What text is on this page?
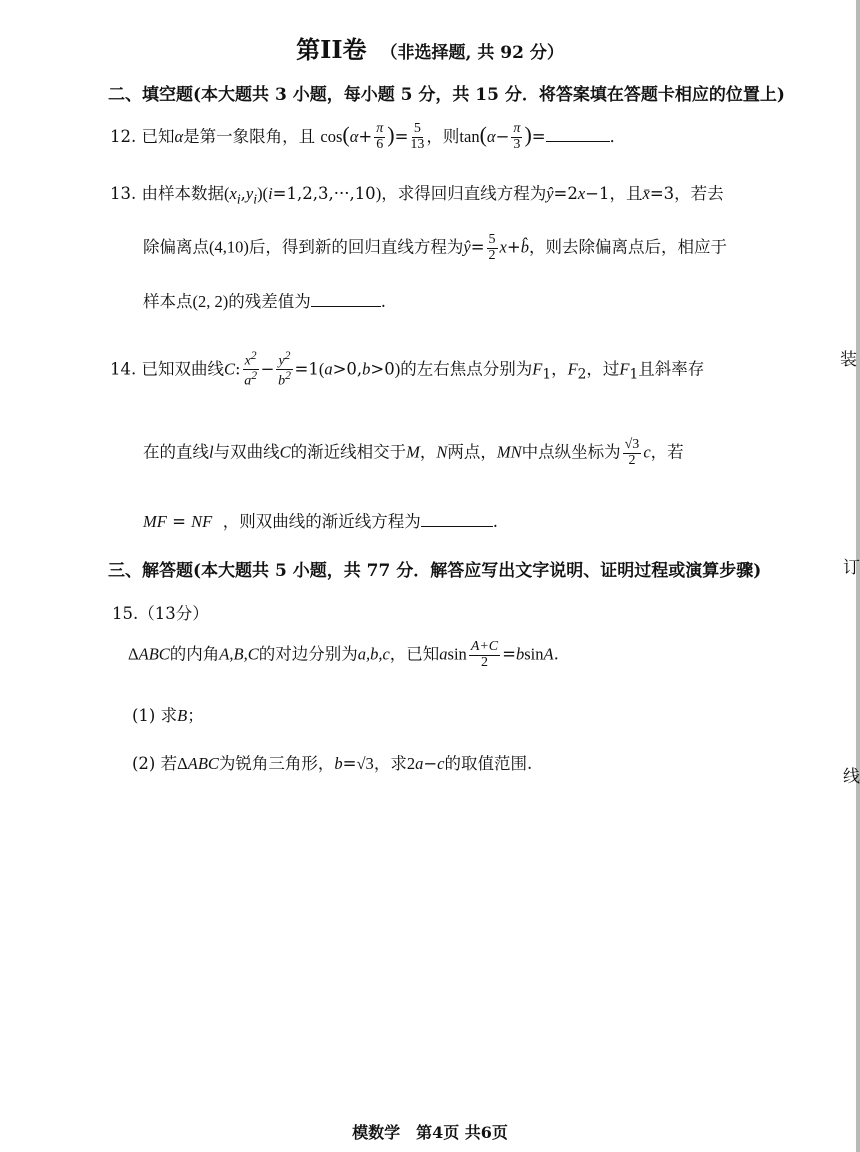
第II卷 （非选择题, 共 92 分）
二、填空题(本大题共 3 小题，每小题 5 分，共 15 分．将答案填在答题卡相应的位置上)
12. 已知α是第一象限角，且 $\cos(\alpha+ \frac{\pi}{6}$ )= $\frac{5}{13}$ ，则$\tan(\alpha- \frac{\pi}{3}$ )=	．
13. 由样本数据$(x_i,y_i)(i=1,2,3,\cdot\cdot\cdot,10)$，求得回归直线方程为ŷ=2x−1，且x̄=3，若去
除偏离点(4,10)后，得到新的回归直线方程为ŷ= $\frac{5}{2}$ x+b̂，则去除偏离点后，相应于
样本点(2, 2)的残差值为	.
14. 已知双曲线C: $\frac{x^2}{a^2} - \frac{y^2}{b^2} =1(a>0,b>0)$的左右焦点分别为$F_1$，$F_2$，过$F_1$且斜率存
在的直线l与双曲线C的渐近线相交于M，N两点，MN中点纵坐标为 $\frac{√3}{2}$ c，若
MF = NF ，则双曲线的渐近线方程为	.
三、解答题(本大题共 5 小题，共 77 分．解答应写出文字说明、证明过程或演算步骤)
15.（13分）
ΔABC的内角A,B,C的对边分别为a,b,c，已知asin $\frac{A+C}{2} =bsinA$.
(1) 求B；
(2) 若ΔABC为锐角三角形，b=√3，求2a−c的取值范围.
装
订
线
模数学　第4页 共6页
